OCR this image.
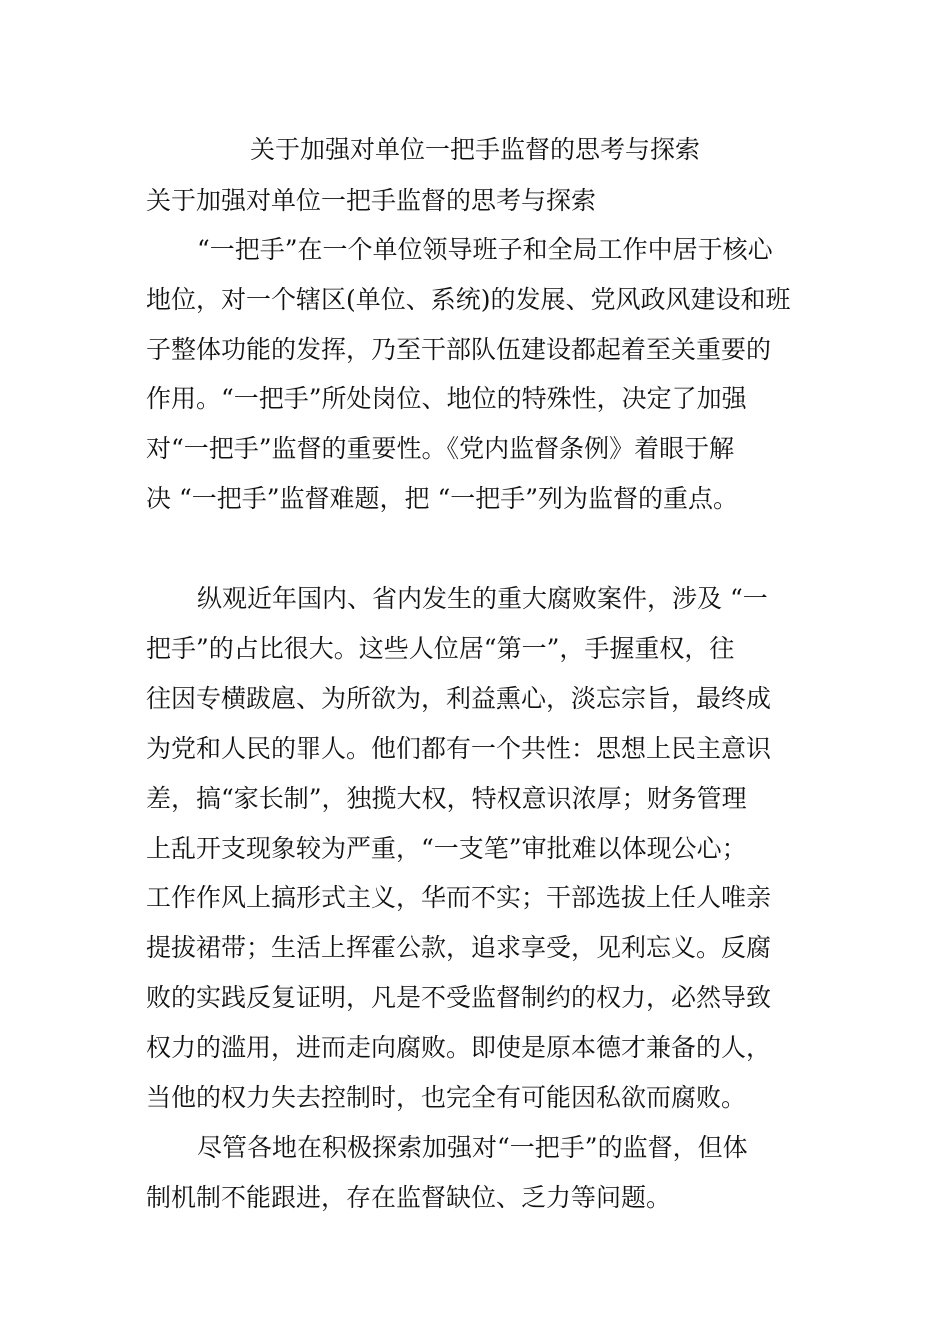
关于加强对单位一把手监督的思考与探索
关于加强对单位一把手监督的思考与探索
“一把手”在一个单位领导班子和全局工作中居于核心
地位，对一个辖区(单位、系统)的发展、党风政风建设和班
子整体功能的发挥，乃至干部队伍建设都起着至关重要的
作用。“一把手”所处岗位、地位的特殊性，决定了加强
对“一把手”监督的重要性。《党内监督条例》着眼于解
决 “一把手”监督难题，把 “一把手”列为监督的重点。
纵观近年国内、省内发生的重大腐败案件，涉及 “一
把手”的占比很大。这些人位居“第一”，手握重权，往
往因专横跋扈、为所欲为，利益熏心，淡忘宗旨，最终成
为党和人民的罪人。他们都有一个共性：思想上民主意识
差，搞“家长制”，独揽大权，特权意识浓厚；财务管理
上乱开支现象较为严重，“一支笔”审批难以体现公心；
工作作风上搞形式主义，华而不实；干部选拔上任人唯亲
提拔裙带；生活上挥霍公款，追求享受，见利忘义。反腐
败的实践反复证明，凡是不受监督制约的权力，必然导致
权力的滥用，进而走向腐败。即使是原本德才兼备的人，
当他的权力失去控制时，也完全有可能因私欲而腐败。
尽管各地在积极探索加强对“一把手”的监督，但体
制机制不能跟进，存在监督缺位、乏力等问题。
